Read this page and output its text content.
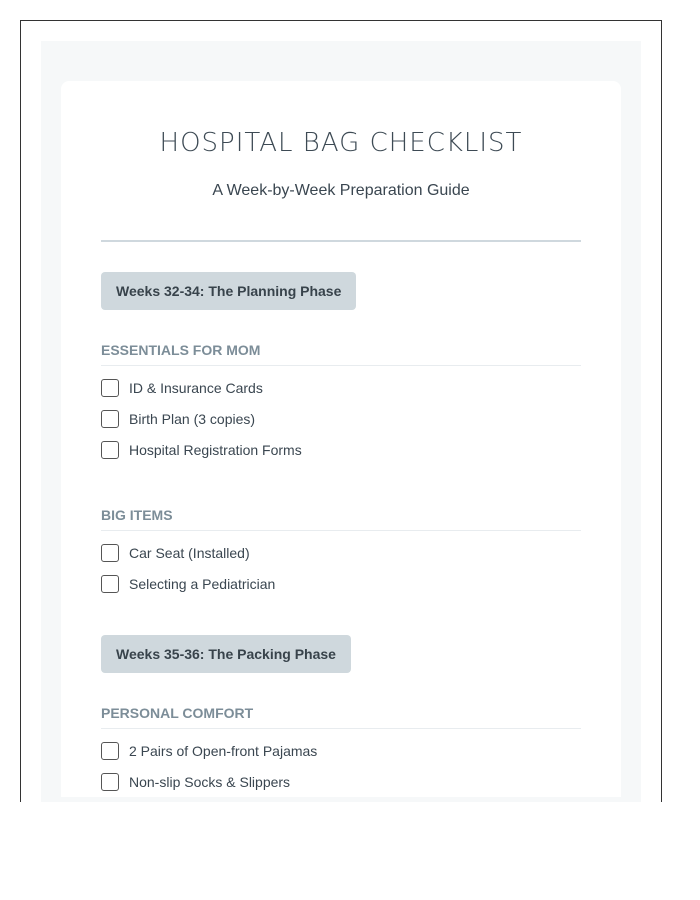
HOSPITAL BAG CHECKLIST
A Week-by-Week Preparation Guide
Weeks 32-34: The Planning Phase
ESSENTIALS FOR MOM
ID & Insurance Cards
Birth Plan (3 copies)
Hospital Registration Forms
BIG ITEMS
Car Seat (Installed)
Selecting a Pediatrician
Weeks 35-36: The Packing Phase
PERSONAL COMFORT
2 Pairs of Open-front Pajamas
Non-slip Socks & Slippers
